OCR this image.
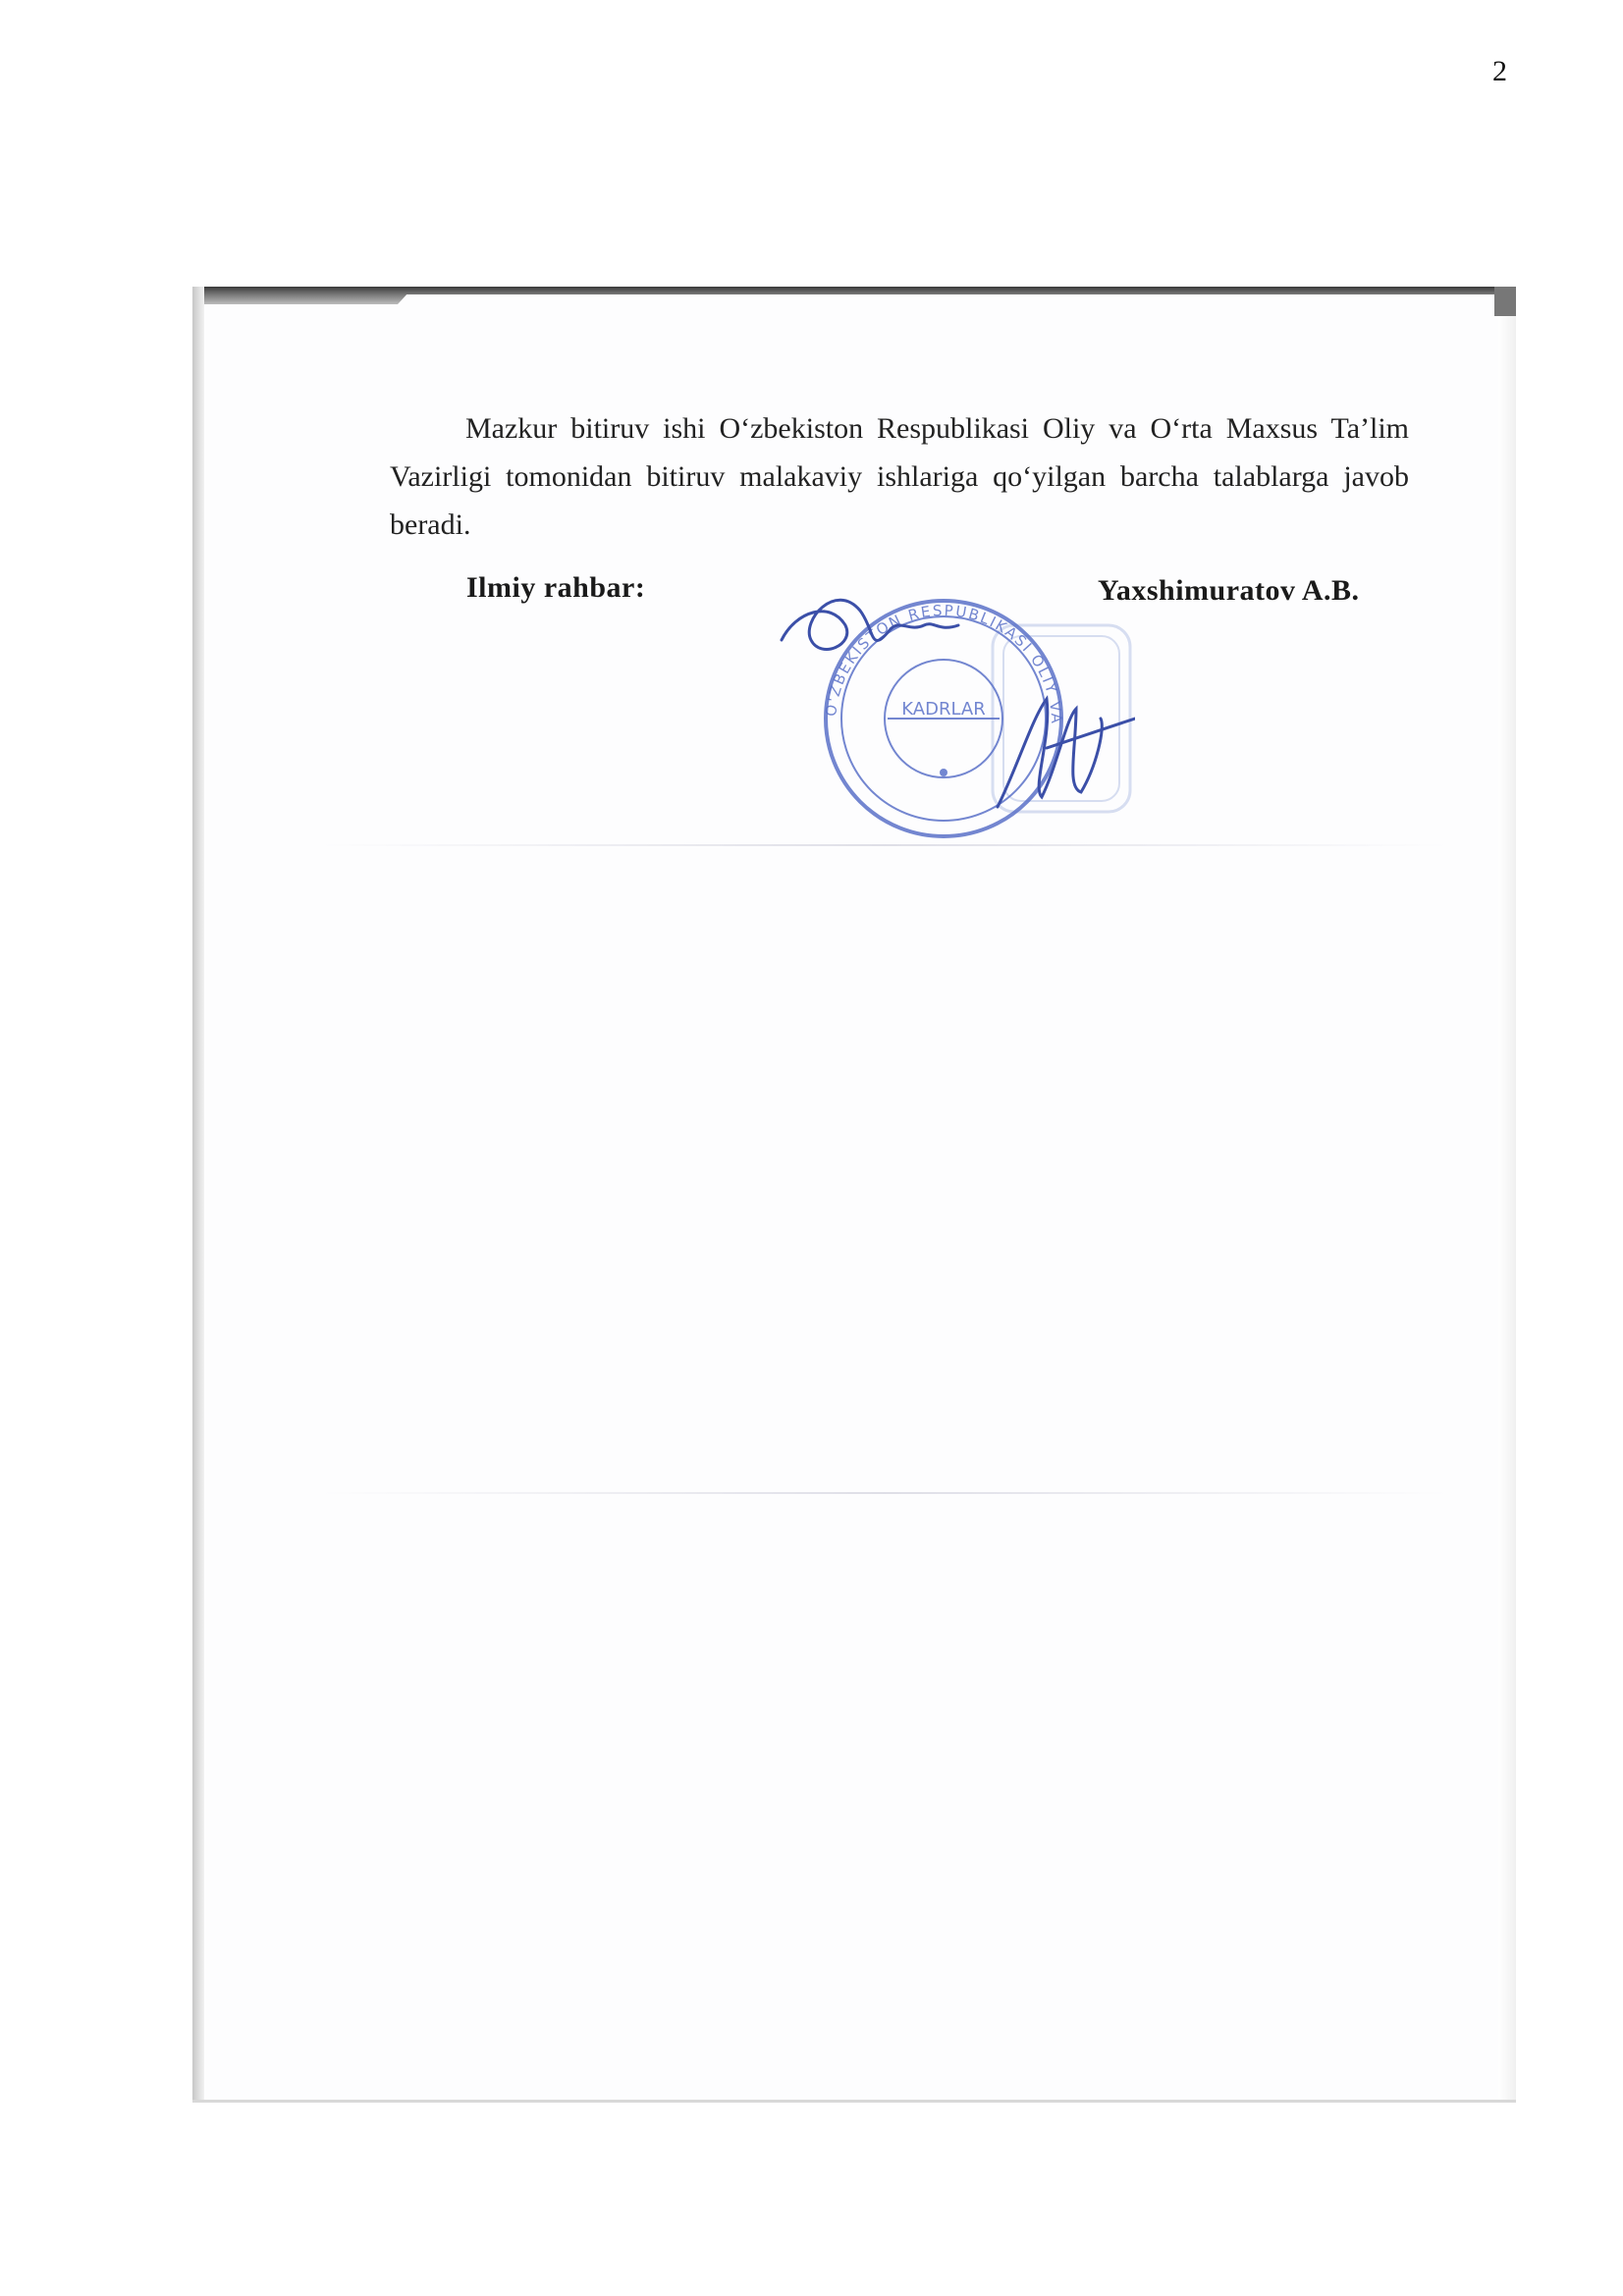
2

Mazkur bitiruv ishi O‘zbekiston Respublikasi Oliy va O‘rta Maxsus Ta’lim
Vazirligi tomonidan bitiruv malakaviy ishlariga qo‘yilgan barcha talablarga javob
beradi.

Ilmiy rahbar:	Yaxshimuratov A.B.
O'ZBEKISTON RESPUBLIKASI OLIY VA
KADRLAR
